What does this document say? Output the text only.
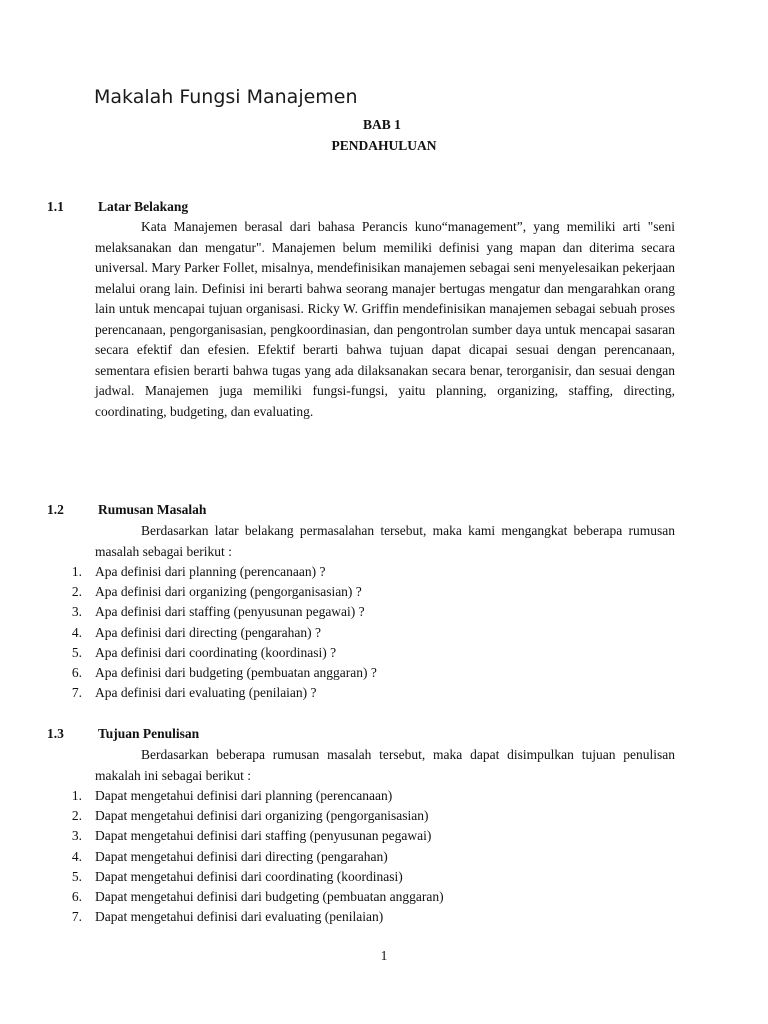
Makalah Fungsi Manajemen
BAB 1
PENDAHULUAN
1.1	Latar Belakang

Kata Manajemen berasal dari bahasa Perancis kuno“management”, yang memiliki arti "seni melaksanakan dan mengatur". Manajemen belum memiliki definisi yang mapan dan diterima secara universal. Mary Parker Follet, misalnya, mendefinisikan manajemen sebagai seni menyelesaikan pekerjaan melalui orang lain. Definisi ini berarti bahwa seorang manajer bertugas mengatur dan mengarahkan orang lain untuk mencapai tujuan organisasi. Ricky W. Griffin mendefinisikan manajemen sebagai sebuah proses perencanaan, pengorganisasian, pengkoordinasian, dan pengontrolan sumber daya untuk mencapai sasaran secara efektif dan efesien. Efektif berarti bahwa tujuan dapat dicapai sesuai dengan perencanaan, sementara efisien berarti bahwa tugas yang ada dilaksanakan secara benar, terorganisir, dan sesuai dengan jadwal. Manajemen juga memiliki fungsi-fungsi, yaitu planning, organizing, staffing, directing, coordinating, budgeting, dan evaluating.

1.2	Rumusan Masalah

Berdasarkan latar belakang permasalahan tersebut, maka kami mengangkat beberapa rumusan masalah sebagai berikut :

1. Apa definisi dari planning (perencanaan) ?
2. Apa definisi dari organizing (pengorganisasian) ?
3. Apa definisi dari staffing (penyusunan pegawai) ?
4. Apa definisi dari directing (pengarahan) ?
5. Apa definisi dari coordinating (koordinasi) ?
6. Apa definisi dari budgeting (pembuatan anggaran) ?
7. Apa definisi dari evaluating (penilaian) ?
1.3	Tujuan Penulisan

Berdasarkan beberapa rumusan masalah tersebut, maka dapat disimpulkan tujuan penulisan makalah ini sebagai berikut :

1. Dapat mengetahui definisi dari planning (perencanaan)
2. Dapat mengetahui definisi dari organizing (pengorganisasian)
3. Dapat mengetahui definisi dari staffing (penyusunan pegawai)
4. Dapat mengetahui definisi dari directing (pengarahan)
5. Dapat mengetahui definisi dari coordinating (koordinasi)
6. Dapat mengetahui definisi dari budgeting (pembuatan anggaran)
7. Dapat mengetahui definisi dari evaluating (penilaian)
1
